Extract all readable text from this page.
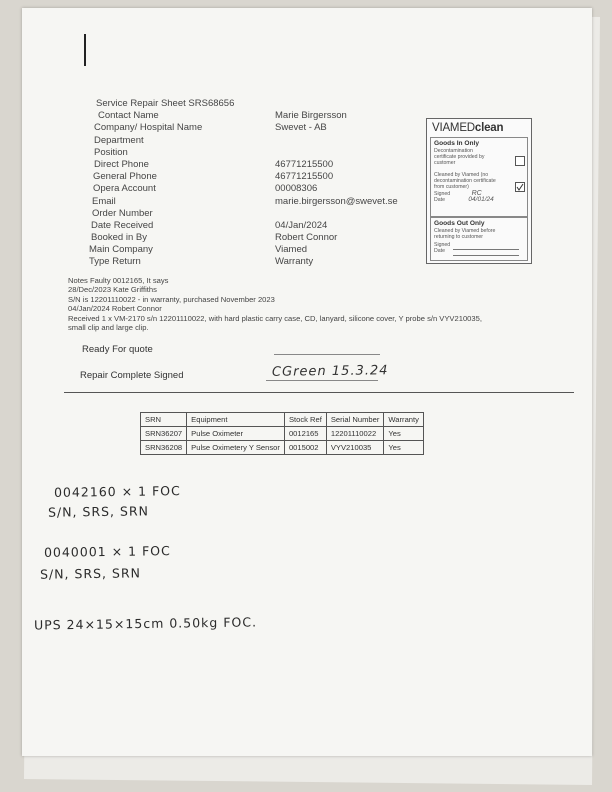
Service Repair Sheet SRS68656
Contact Name	Marie Birgersson
Company/ Hospital Name	Swevet - AB
Department
Position
Direct Phone	46771215500
General Phone	46771215500
Opera Account	00008306
Email	marie.birgersson@swevet.se
Order Number
Date Received	04/Jan/2024
Booked in By	Robert Connor
Main Company	Viamed
Type Return	Warranty
VIAMEDclean
Goods In Only
Decontamination certificate provided by customer
Cleaned by Viamed (no decontamination certificate from customer)
Signed	RC
Date	04/01/24
Goods Out Only
Cleaned by Viamed before returning to customer
Signed
Date
Notes Faulty 0012165, It says
28/Dec/2023 Kate Griffiths
S/N is 12201110022 - in warranty, purchased November 2023
04/Jan/2024 Robert Connor
Received 1 x VM-2170 s/n 12201110022, with hard plastic carry case, CD, lanyard, silicone cover, Y probe s/n VYV210035,
small clip and large clip.
Ready For quote
Repair Complete Signed	CGreen 15.3.24
SRN	Equipment	Stock Ref	Serial Number	Warranty
SRN36207	Pulse Oximeter	0012165	12201110022	Yes
SRN36208	Pulse Oximetery Y Sensor	0015002	VYV210035	Yes
0042160 × 1 FOC
S/N, SRS, SRN
0040001 × 1 FOC
S/N, SRS, SRN
UPS 24×15×15cm 0.50kg FOC.
